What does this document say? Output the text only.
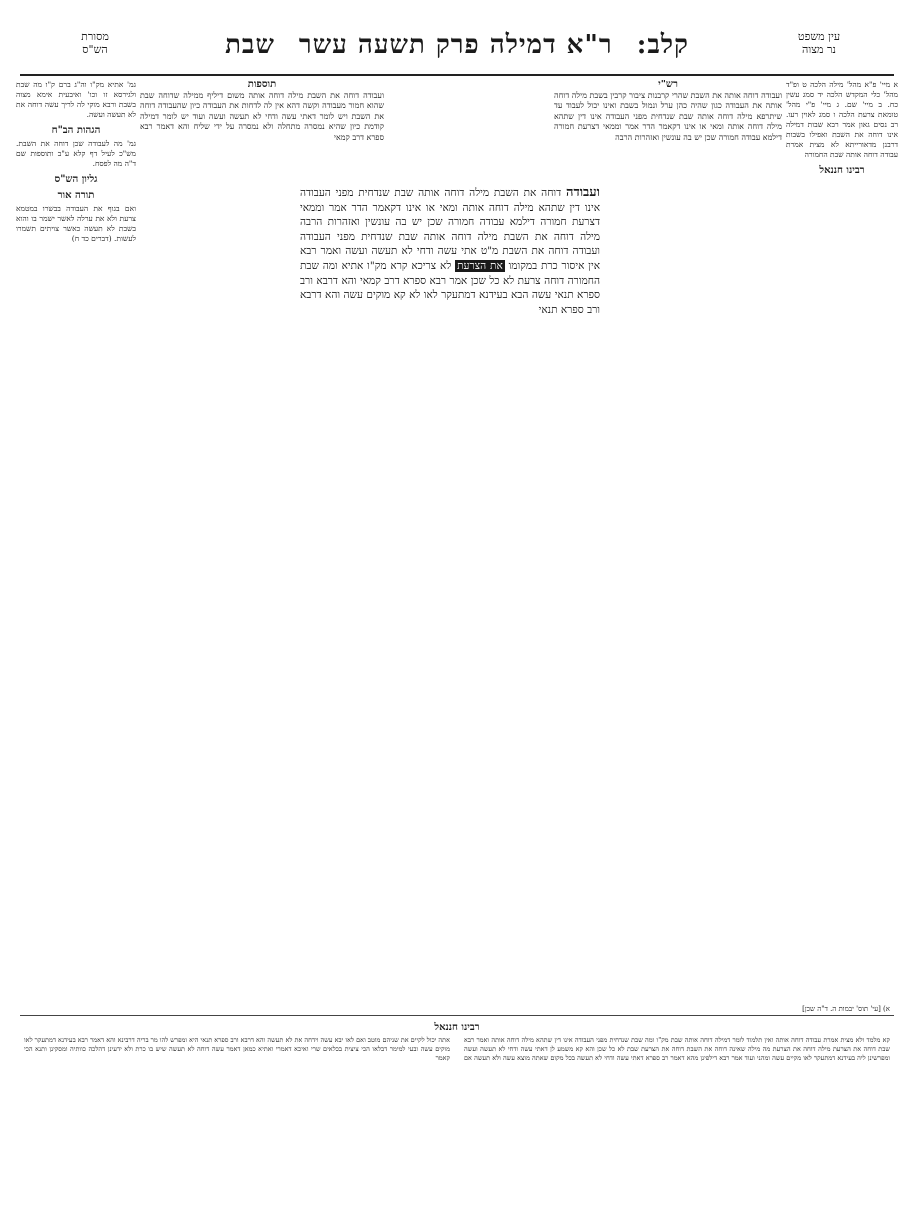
עין משפט
נר מצוה
קלב: ר"א דמילה פרק תשעה עשר שבת
מסורת
הש"ס

א מיי' פ"א מהל' מילה הלכה ט ופ"ד מהל' כלי המקדש הלכה יד סמג עשין כח. ב מיי' שם. ג מיי' פ"י מהל' טומאת צרעת הלכה ו סמג לאוין רעו. רב נסים גאון אמר רבא שבות דמילה אינו דוחה את השבת ואפילו בשבות דרבנן מדאורייתא לא מצית אמרת עבודה דוחה אותה שבת החמורה

רבינו חננאל

גמ' אתיא מק"ו וה"ג ברם ק"ו מה שבת ולגירסא זו וכו' ואיבעית אימא מצוה בשבת ורבא מוקי לה לריך עשה דוחה את לא תעשה ועשה.

הגהות הב"ח

גמ' מה לעבודה שכן דוחה את השבת. מש"כ לעיל דף קלא ע"ב ותוספות שם ד"ה מה לפסח.

גליון הש"ס
תורה אור

ואם בגוף את העבודה בבשרו במטמא צרעת ולא את ערלה לאשר ישמר בו והוא בשבת לא תעשה כאשר צויתים תשמרו לעשות. (דברים כד ח)

רש"י
ועבודה דוחה אותה את השבת שהרי קרבנות ציבור קרבין בשבת מילה דוחה אותה את העבודה כגון שהיה כהן ערל ונמול בשבת ואינו יכול לעבוד עד שיתרפא מילה דוחה אותה שבת שנדחית מפני העבודה אינו דין שתהא מילה דוחה אותה ומאי או אינו דקאמר הדר אמר וממאי דצרעת חמורה דילמא עבודה חמורה שכן יש בה עונשין ואזהרות הרבה
תוספות
ועבודה דוחה את השבת מילה דוחה אותה משום דיליף ממילה שדוחה שבת שהוא חמור מעבודה וקשה דהא אין לה לדחות את העבודה כיון שהעבודה דוחה את השבת ויש לומר דאתי עשה ודחי לא תעשה ועשה ועוד יש לומר דמילה קודמת כיון שהיא נמסרה מתחלה ולא נמסרה על ידי שליח והא דאמר רבא ספרא דרב קמאי
ועבודה דוחה את השבת מילה דוחה אותה שבת שנדחית מפני העבודה אינו דין שתהא מילה דוחה אותה ומאי או אינו דקאמר הדר אמר וממאי דצרעת חמורה דילמא עבודה חמורה שכן יש בה עונשין ואזהרות הרבה מילה דוחה את השבת מילה דוחה אותה שבת שנדחית מפני העבודה ועבודה דוחה את השבת מ"ט אתי עשה ודחי לא תעשה ועשה ואמר רבא אין איסור כרת במקומו את הצרעת לא צריכא קרא מק"ו אתיא ומה שבת החמורה דוחה צרעת לא כל שכן אמר רבא ספרא דרב קמאי והא דרבא ורב ספרא תנאי עשה הבא בעידנא דמתעקר לאו לא קא מוקים עשה והא דרבא ורב ספרא תנאי
א) [עי' תוס' יבמות ה. ד"ה שכן]
רבינו חננאל
קא מלמד ולא מצית אמרת עבודה דוחה אותה ואין תלמוד לומר דמילה דוחה אותה שבת מק"ו ומה שבת שנדחית מפני העבודה אינו דין שתהא מילה דוחה אותה ואמר רבא שבת דוחה את הצרעת מילה דוחה את הצרעת מה מילה שאינה דוחה את השבת דוחה את הצרעת שבת לא כל שכן והא קא משמע לן דאתי עשה ודחי לא תעשה ועשה ומפרשינן ליה בעידנא דמתעקר לאו מקיים עשה ומהני ועוד אמר רבא דילפינן מהא דאמר רב ספרא דאתי עשה ודחי לא תעשה בכל מקום שאתה מוצא עשה ולא תעשה אם אתה יכול לקיים את שניהם מוטב ואם לאו יבא עשה וידחה את לא תעשה והא דרבא ורב ספרא תנאי היא ומפרש להו מר בריה דרבינא והא דאמר רבא בעידנא דמתעקר לאו מוקים עשה ובעי למימר דבלאו הכי ציצית בכלאים שרי ואיכא דאמרי ואתיא כמאן דאמר עשה דוחה לא תעשה שיש בו כרת ולא ידעינן דהלכה כוותיה ומסקינן ותנא הכי קאמר
